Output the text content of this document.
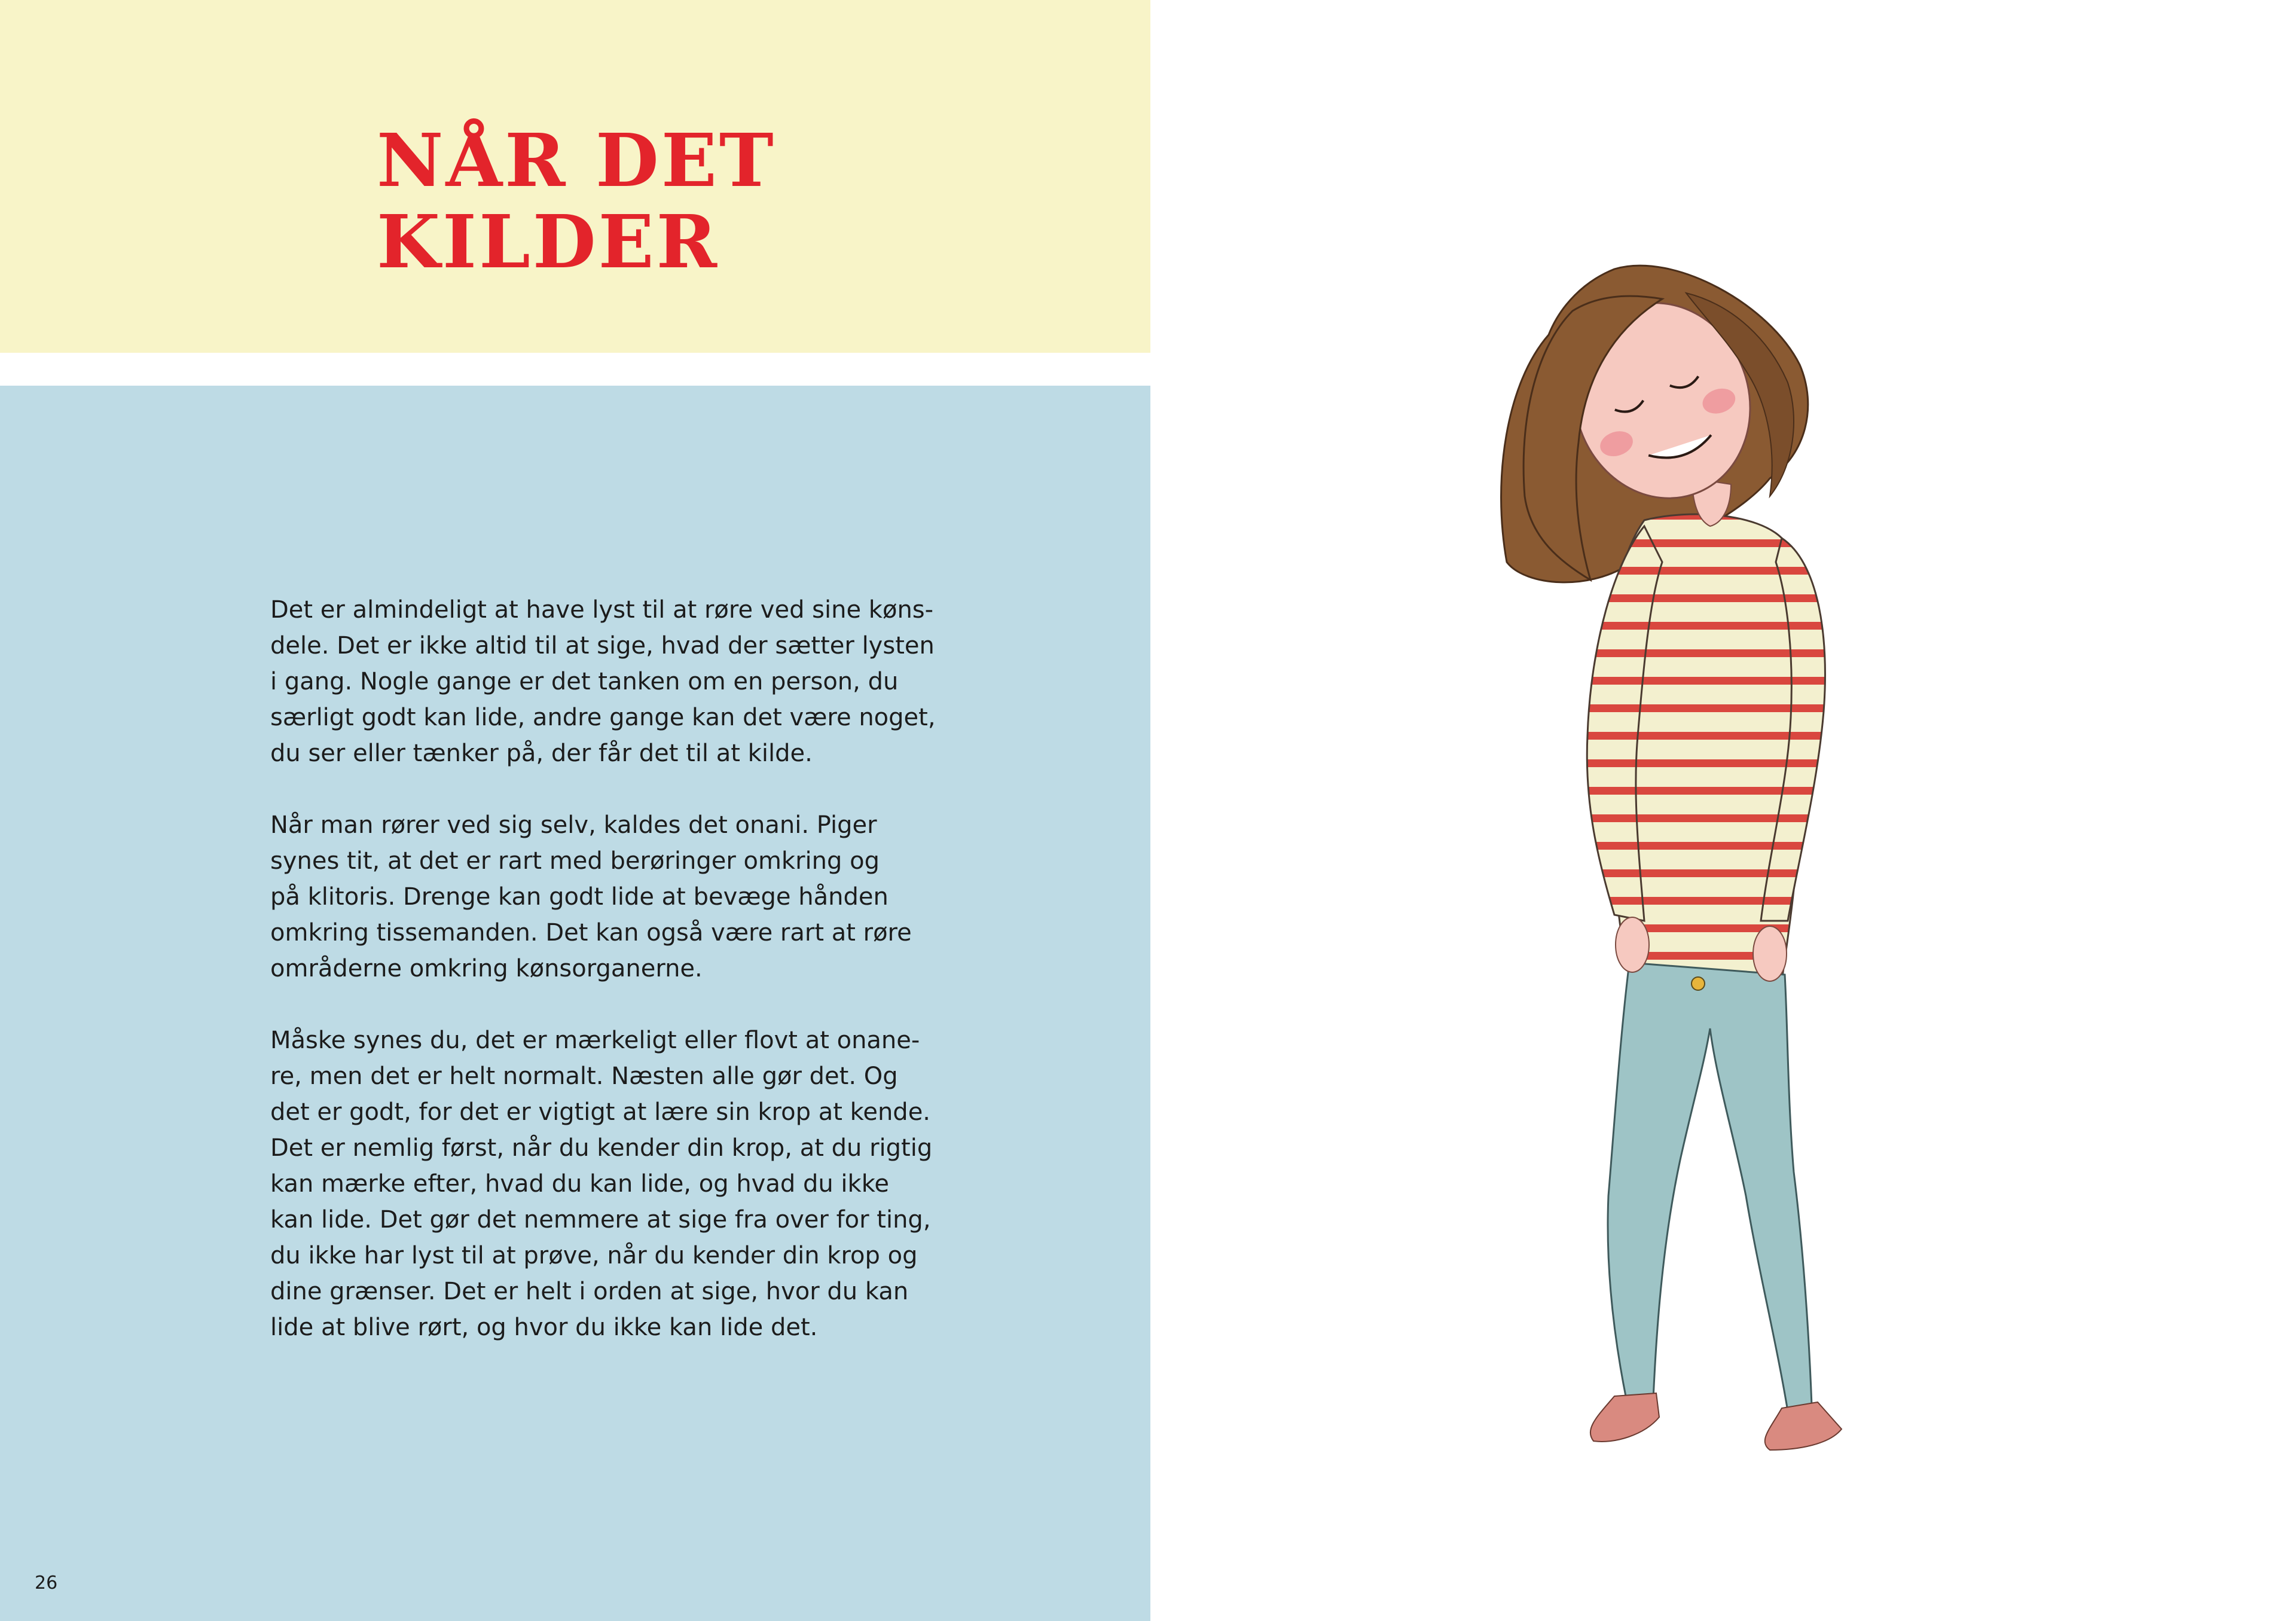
NÅR DET
KILDER

Det er almindeligt at have lyst til at røre ved sine køns-
dele. Det er ikke altid til at sige, hvad der sætter lysten
i gang. Nogle gange er det tanken om en person, du
særligt godt kan lide, andre gange kan det være noget,
du ser eller tænker på, der får det til at kilde.

Når man rører ved sig selv, kaldes det onani. Piger
synes tit, at det er rart med berøringer omkring og
på klitoris. Drenge kan godt lide at bevæge hånden
omkring tissemanden. Det kan også være rart at røre
områderne omkring kønsorganerne.

Måske synes du, det er mærkeligt eller flovt at onane-
re, men det er helt normalt. Næsten alle gør det. Og
det er godt, for det er vigtigt at lære sin krop at kende.
Det er nemlig først, når du kender din krop, at du rigtig
kan mærke efter, hvad du kan lide, og hvad du ikke
kan lide. Det gør det nemmere at sige fra over for ting,
du ikke har lyst til at prøve, når du kender din krop og
dine grænser. Det er helt i orden at sige, hvor du kan
lide at blive rørt, og hvor du ikke kan lide det.

26
